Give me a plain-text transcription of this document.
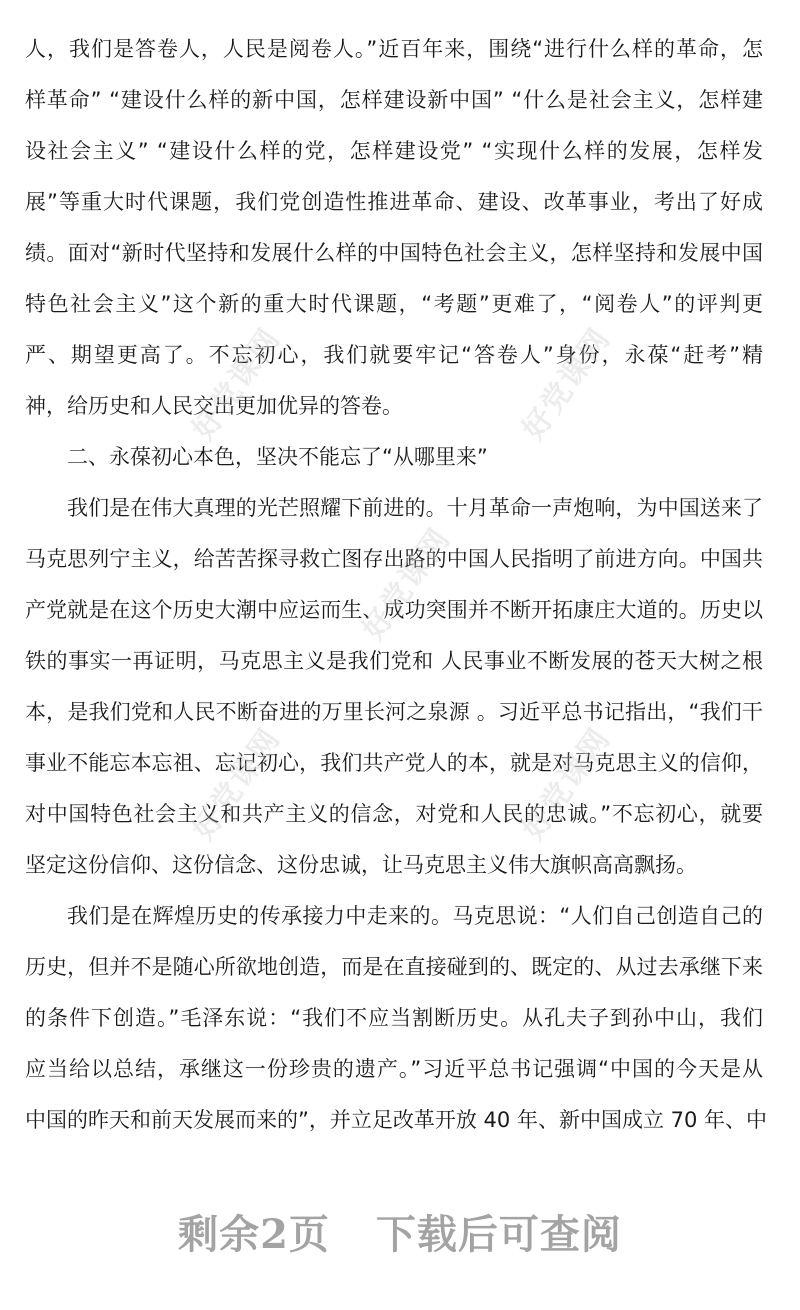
人，我们是答卷人，人民是阅卷人。”近百年来，围绕“进行什么样的革命，怎
样革命” “建设什么样的新中国，怎样建设新中国” “什么是社会主义，怎样建
设社会主义” “建设什么样的党，怎样建设党” “实现什么样的发展，怎样发
展”等重大时代课题，我们党创造性推进革命、建设、改革事业，考出了好成
绩。面对“新时代坚持和发展什么样的中国特色社会主义，怎样坚持和发展中国
特色社会主义”这个新的重大时代课题，“考题”更难了，“阅卷人”的评判更
严、期望更高了。不忘初心，我们就要牢记“答卷人”身份，永葆“赶考”精
神，给历史和人民交出更加优异的答卷。
二、永葆初心本色，坚决不能忘了“从哪里来”
我们是在伟大真理的光芒照耀下前进的。十月革命一声炮响，为中国送来了
马克思列宁主义，给苦苦探寻救亡图存出路的中国人民指明了前进方向。中国共
产党就是在这个历史大潮中应运而生、成功突围并不断开拓康庄大道的。历史以
铁的事实一再证明，马克思主义是我们党和 人民事业不断发展的苍天大树之根
本，是我们党和人民不断奋进的万里长河之泉源 。习近平总书记指出，“我们干
事业不能忘本忘祖、忘记初心，我们共产党人的本，就是对马克思主义的信仰，
对中国特色社会主义和共产主义的信念，对党和人民的忠诚。”不忘初心，就要
坚定这份信仰、这份信念、这份忠诚，让马克思主义伟大旗帜高高飘扬。
我们是在辉煌历史的传承接力中走来的。马克思说：“人们自己创造自己的
历史，但并不是随心所欲地创造，而是在直接碰到的、既定的、从过去承继下来
的条件下创造。”毛泽东说：“我们不应当割断历史。从孔夫子到孙中山，我们
应当给以总结，承继这一份珍贵的遗产。”习近平总书记强调“中国的今天是从
中国的昨天和前天发展而来的”，并立足改革开放 40 年、新中国成立 70 年、中
好党课网	好党课网
好党课网
好党课网	好党课网
剩余2页 下载后可查阅
